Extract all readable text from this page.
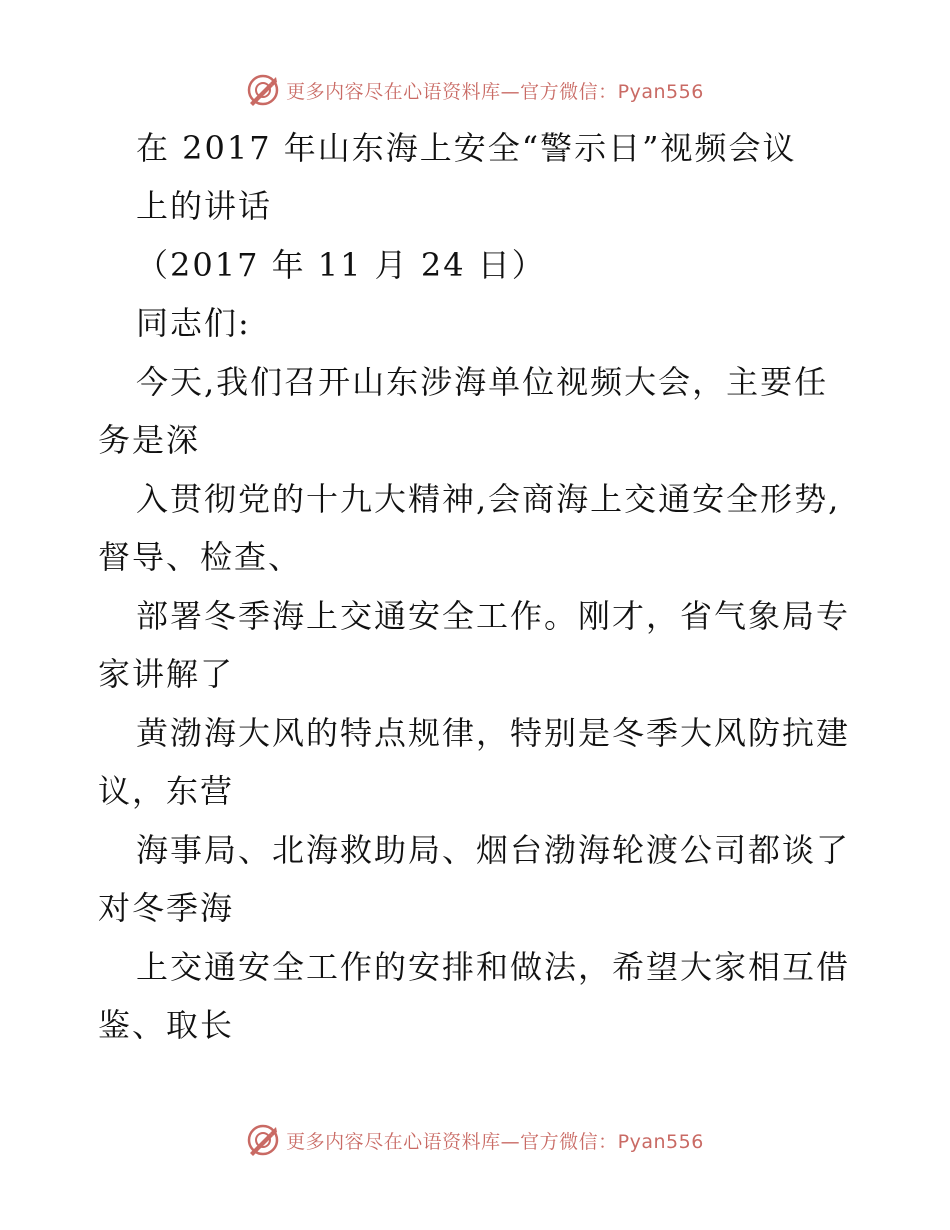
更多内容尽在心语资料库—官方微信：Pyan556
在 2017 年山东海上安全“警示日”视频会议
上的讲话
（2017 年 11 月 24 日）
同志们:
今天,我们召开山东涉海单位视频大会，主要任
务是深
入贯彻党的十九大精神,会商海上交通安全形势,
督导、检查、
部署冬季海上交通安全工作。刚才，省气象局专
家讲解了
黄渤海大风的特点规律，特别是冬季大风防抗建
议，东营
海事局、北海救助局、烟台渤海轮渡公司都谈了
对冬季海
上交通安全工作的安排和做法，希望大家相互借
鉴、取长
更多内容尽在心语资料库—官方微信：Pyan556
